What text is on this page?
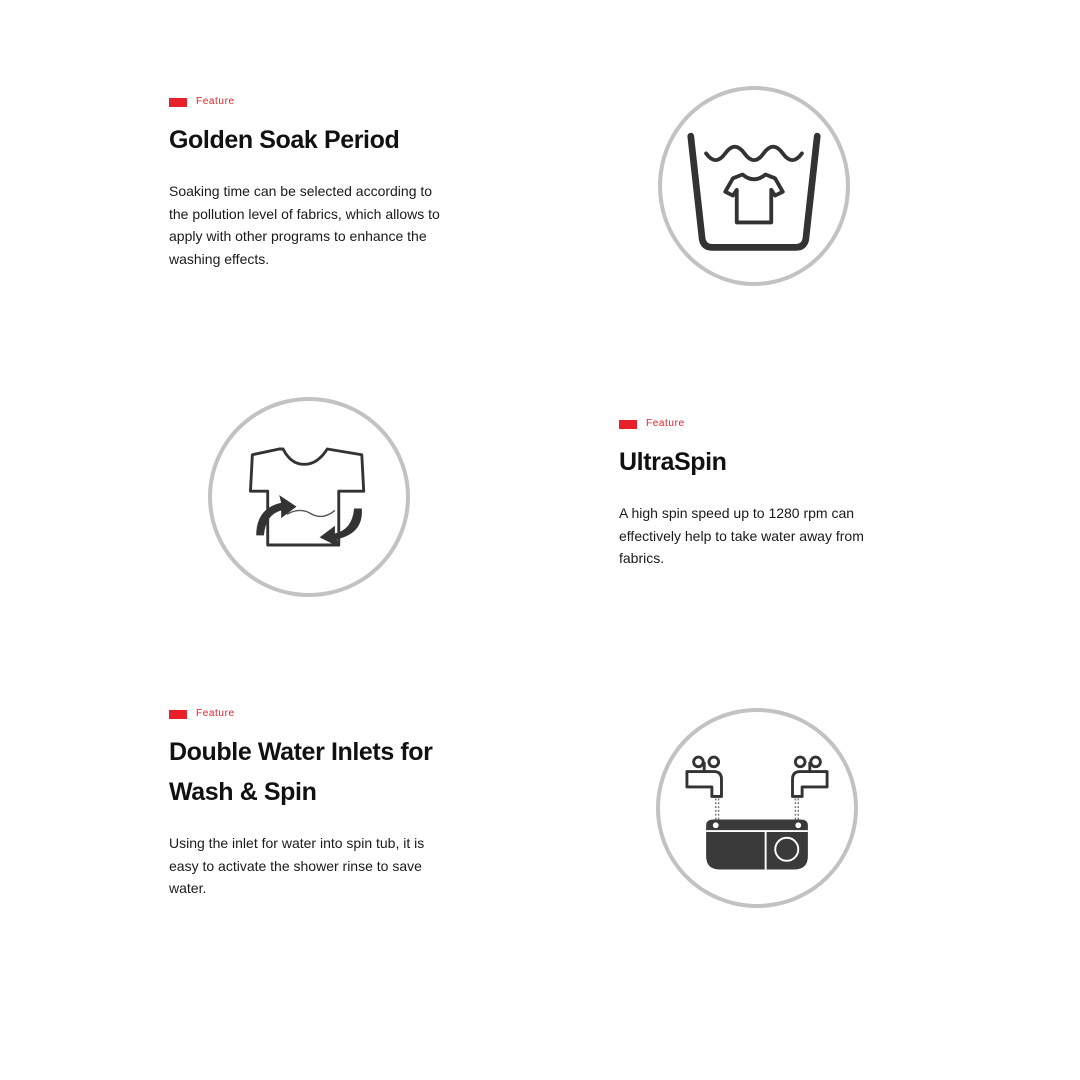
Feature
Golden Soak Period

Soaking time can be selected according to the pollution level of fabrics, which allows to apply with other programs to enhance the washing effects.

Feature
UltraSpin

A high spin speed up to 1280 rpm can effectively help to take water away from fabrics.

Feature
Double Water Inlets for Wash & Spin

Using the inlet for water into spin tub, it is easy to activate the shower rinse to save water.
